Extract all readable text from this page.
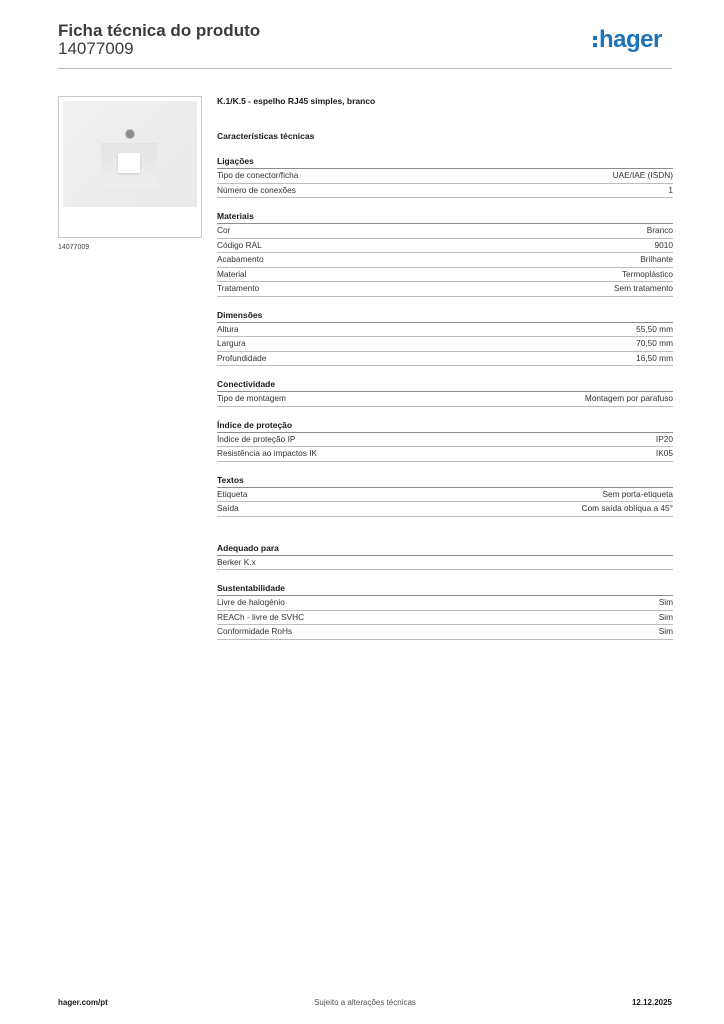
Ficha técnica do produto
14077009	hager
14077009
K.1/K.5 - espelho RJ45 simples, branco
Características técnicas
Ligações
Tipo de conector/ficha	UAE/IAE (ISDN)
Número de conexões	1
Materiais
Cor	Branco
Código RAL	9010
Acabamento	Brilhante
Material	Termoplástico
Tratamento	Sem tratamento
Dimensões
Altura	55,50 mm
Largura	70,50 mm
Profundidade	16,50 mm
Conectividade
Tipo de montagem	Montagem por parafuso
Índice de proteção
Índice de proteção IP	IP20
Resistência ao impactos IK	IK05
Textos
Etiqueta	Sem porta-etiqueta
Saída	Com saída oblíqua a 45°
Adequado para
Berker K.x
Sustentabilidade
Livre de halogénio	Sim
REACh - livre de SVHC	Sim
Conformidade RoHs	Sim
hager.com/pt	Sujeito a alterações técnicas	12.12.2025
